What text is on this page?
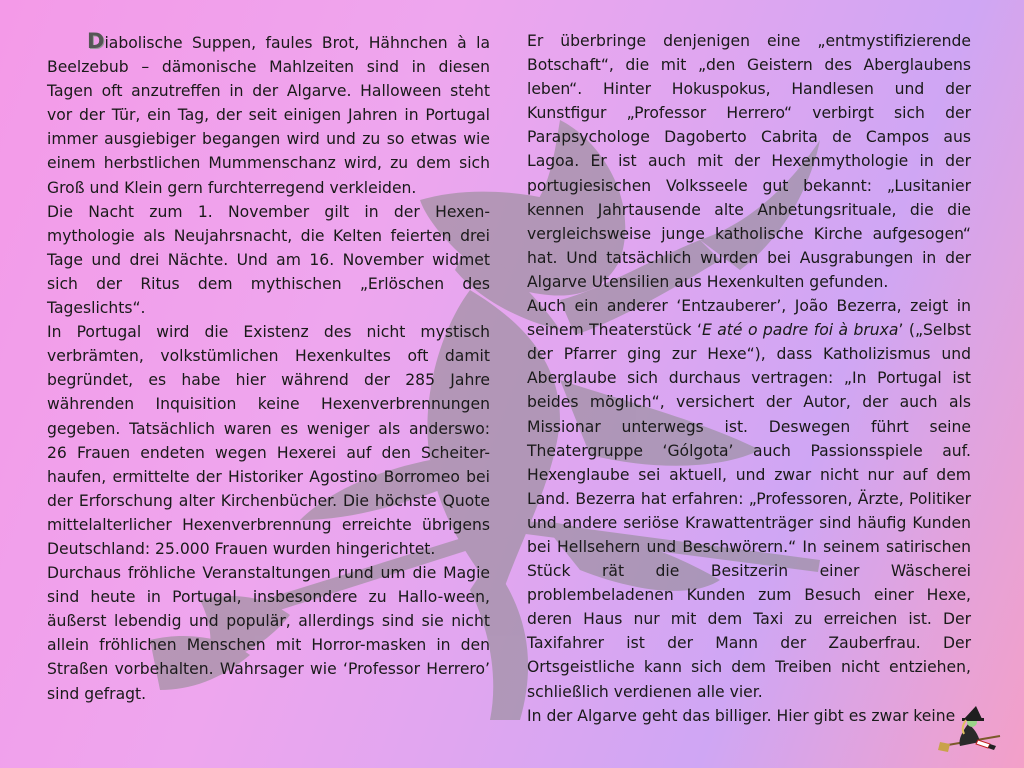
Diabolische Suppen, faules Brot, Hähnchen à la Beelzebub – dämonische Mahlzeiten sind in diesen Tagen oft anzutreffen in der Algarve. Halloween steht vor der Tür, ein Tag, der seit einigen Jahren in Portugal immer ausgiebiger begangen wird und zu so etwas wie einem herbstlichen Mummenschanz wird, zu dem sich Groß und Klein gern furchterregend verkleiden.

Die Nacht zum 1. November gilt in der Hexen-mythologie als Neujahrsnacht, die Kelten feierten drei Tage und drei Nächte. Und am 16. November widmet sich der Ritus dem mythischen „Erlöschen des Tageslichts“.

In Portugal wird die Existenz des nicht mystisch verbrämten, volkstümlichen Hexenkultes oft damit begründet, es habe hier während der 285 Jahre währenden Inquisition keine Hexenverbrennungen gegeben. Tatsächlich waren es weniger als anderswo: 26 Frauen endeten wegen Hexerei auf den Scheiter-haufen, ermittelte der Historiker Agostino Borromeo bei der Erforschung alter Kirchenbücher. Die höchste Quote mittelalterlicher Hexenverbrennung erreichte übrigens Deutschland: 25.000 Frauen wurden hingerichtet.

Durchaus fröhliche Veranstaltungen rund um die Magie sind heute in Portugal, insbesondere zu Hallo-ween, äußerst lebendig und populär, allerdings sind sie nicht allein fröhlichen Menschen mit Horror-masken in den Straßen vorbehalten. Wahrsager wie ‘Professor Herrero’ sind gefragt.

Er überbringe denjenigen eine „entmystifizierende Botschaft“, die mit „den Geistern des Aberglaubens leben“. Hinter Hokuspokus, Handlesen und der Kunstfigur „Professor Herrero“ verbirgt sich der Parapsychologe Dagoberto Cabrita de Campos aus Lagoa. Er ist auch mit der Hexenmythologie in der portugiesischen Volksseele gut bekannt: „Lusitanier kennen Jahrtausende alte Anbetungsrituale, die die vergleichsweise junge katholische Kirche aufgesogen“ hat. Und tatsächlich wurden bei Ausgrabungen in der Algarve Utensilien aus Hexenkulten gefunden.

Auch ein anderer ‘Entzauberer’, João Bezerra, zeigt in seinem Theaterstück ‘E até o padre foi à bruxa’ („Selbst der Pfarrer ging zur Hexe“), dass Katholizismus und Aberglaube sich durchaus vertragen: „In Portugal ist beides möglich“, versichert der Autor, der auch als Missionar unterwegs ist. Deswegen führt seine Theatergruppe ‘Gólgota’ auch Passionsspiele auf. Hexenglaube sei aktuell, und zwar nicht nur auf dem Land. Bezerra hat erfahren: „Professoren, Ärzte, Politiker und andere seriöse Krawattenträger sind häufig Kunden bei Hellsehern und Beschwörern.“ In seinem satirischen Stück rät die Besitzerin einer Wäscherei problembeladenen Kunden zum Besuch einer Hexe, deren Haus nur mit dem Taxi zu erreichen ist. Der Taxifahrer ist der Mann der Zauberfrau. Der Ortsgeistliche kann sich dem Treiben nicht entziehen, schließlich verdienen alle vier.

In der Algarve geht das billiger. Hier gibt es zwar keine
